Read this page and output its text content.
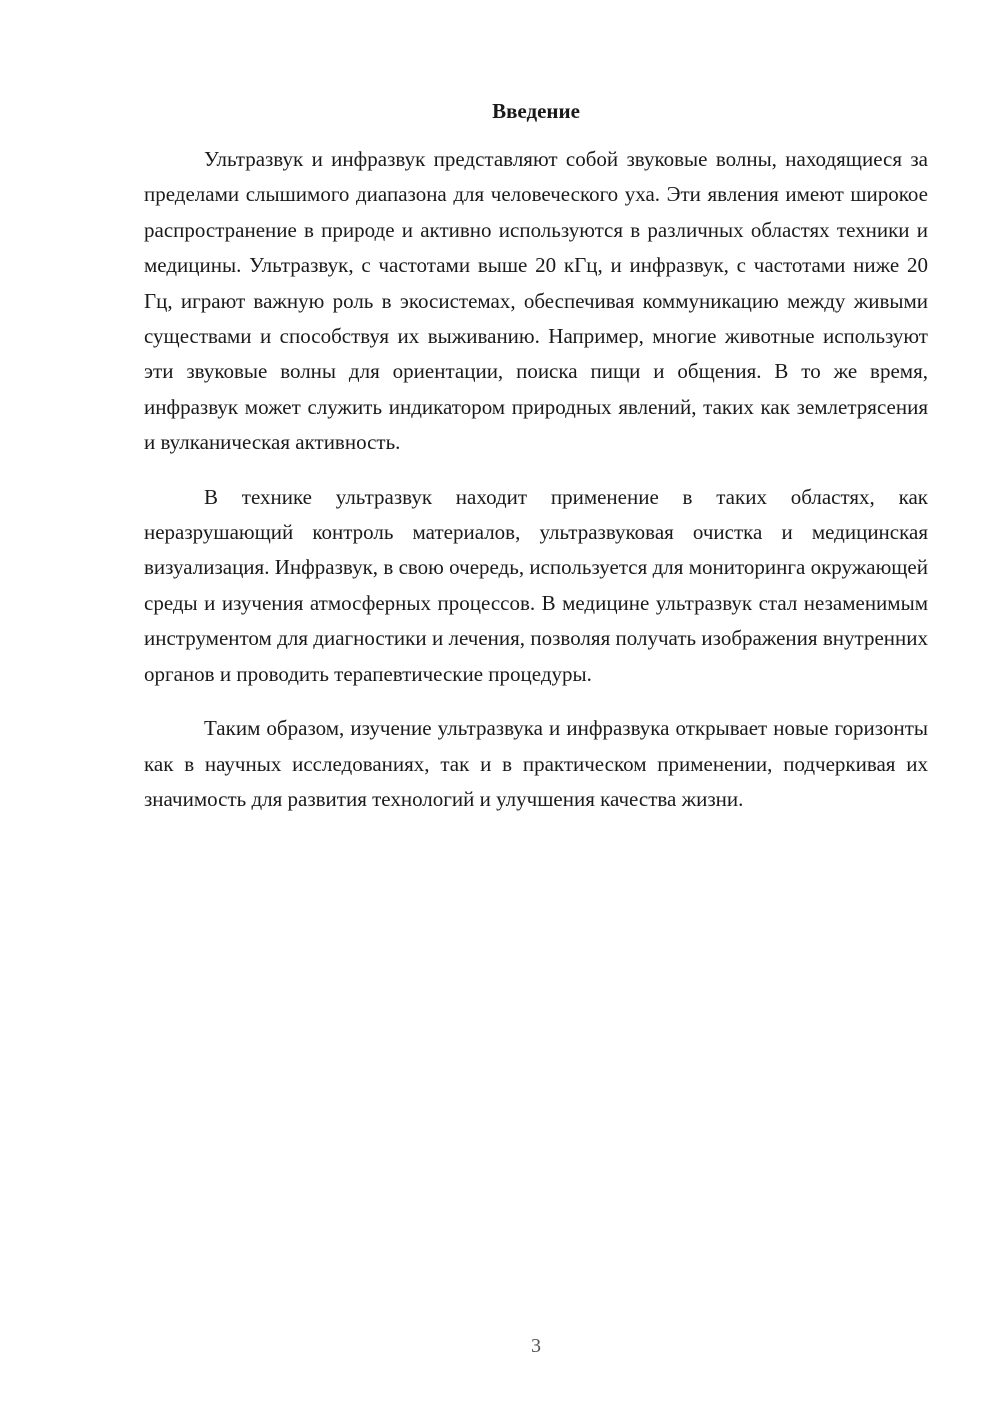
Введение

Ультразвук и инфразвук представляют собой звуковые волны, находящиеся за пределами слышимого диапазона для человеческого уха. Эти явления имеют широкое распространение в природе и активно используются в различных областях техники и медицины. Ультразвук, с частотами выше 20 кГц, и инфразвук, с частотами ниже 20 Гц, играют важную роль в экосистемах, обеспечивая коммуникацию между живыми существами и способствуя их выживанию. Например, многие животные используют эти звуковые волны для ориентации, поиска пищи и общения. В то же время, инфразвук может служить индикатором природных явлений, таких как землетрясения и вулканическая активность.

В технике ультразвук находит применение в таких областях, как неразрушающий контроль материалов, ультразвуковая очистка и медицинская визуализация. Инфразвук, в свою очередь, используется для мониторинга окружающей среды и изучения атмосферных процессов. В медицине ультразвук стал незаменимым инструментом для диагностики и лечения, позволяя получать изображения внутренних органов и проводить терапевтические процедуры.

Таким образом, изучение ультразвука и инфразвука открывает новые горизонты как в научных исследованиях, так и в практическом применении, подчеркивая их значимость для развития технологий и улучшения качества жизни.

3
